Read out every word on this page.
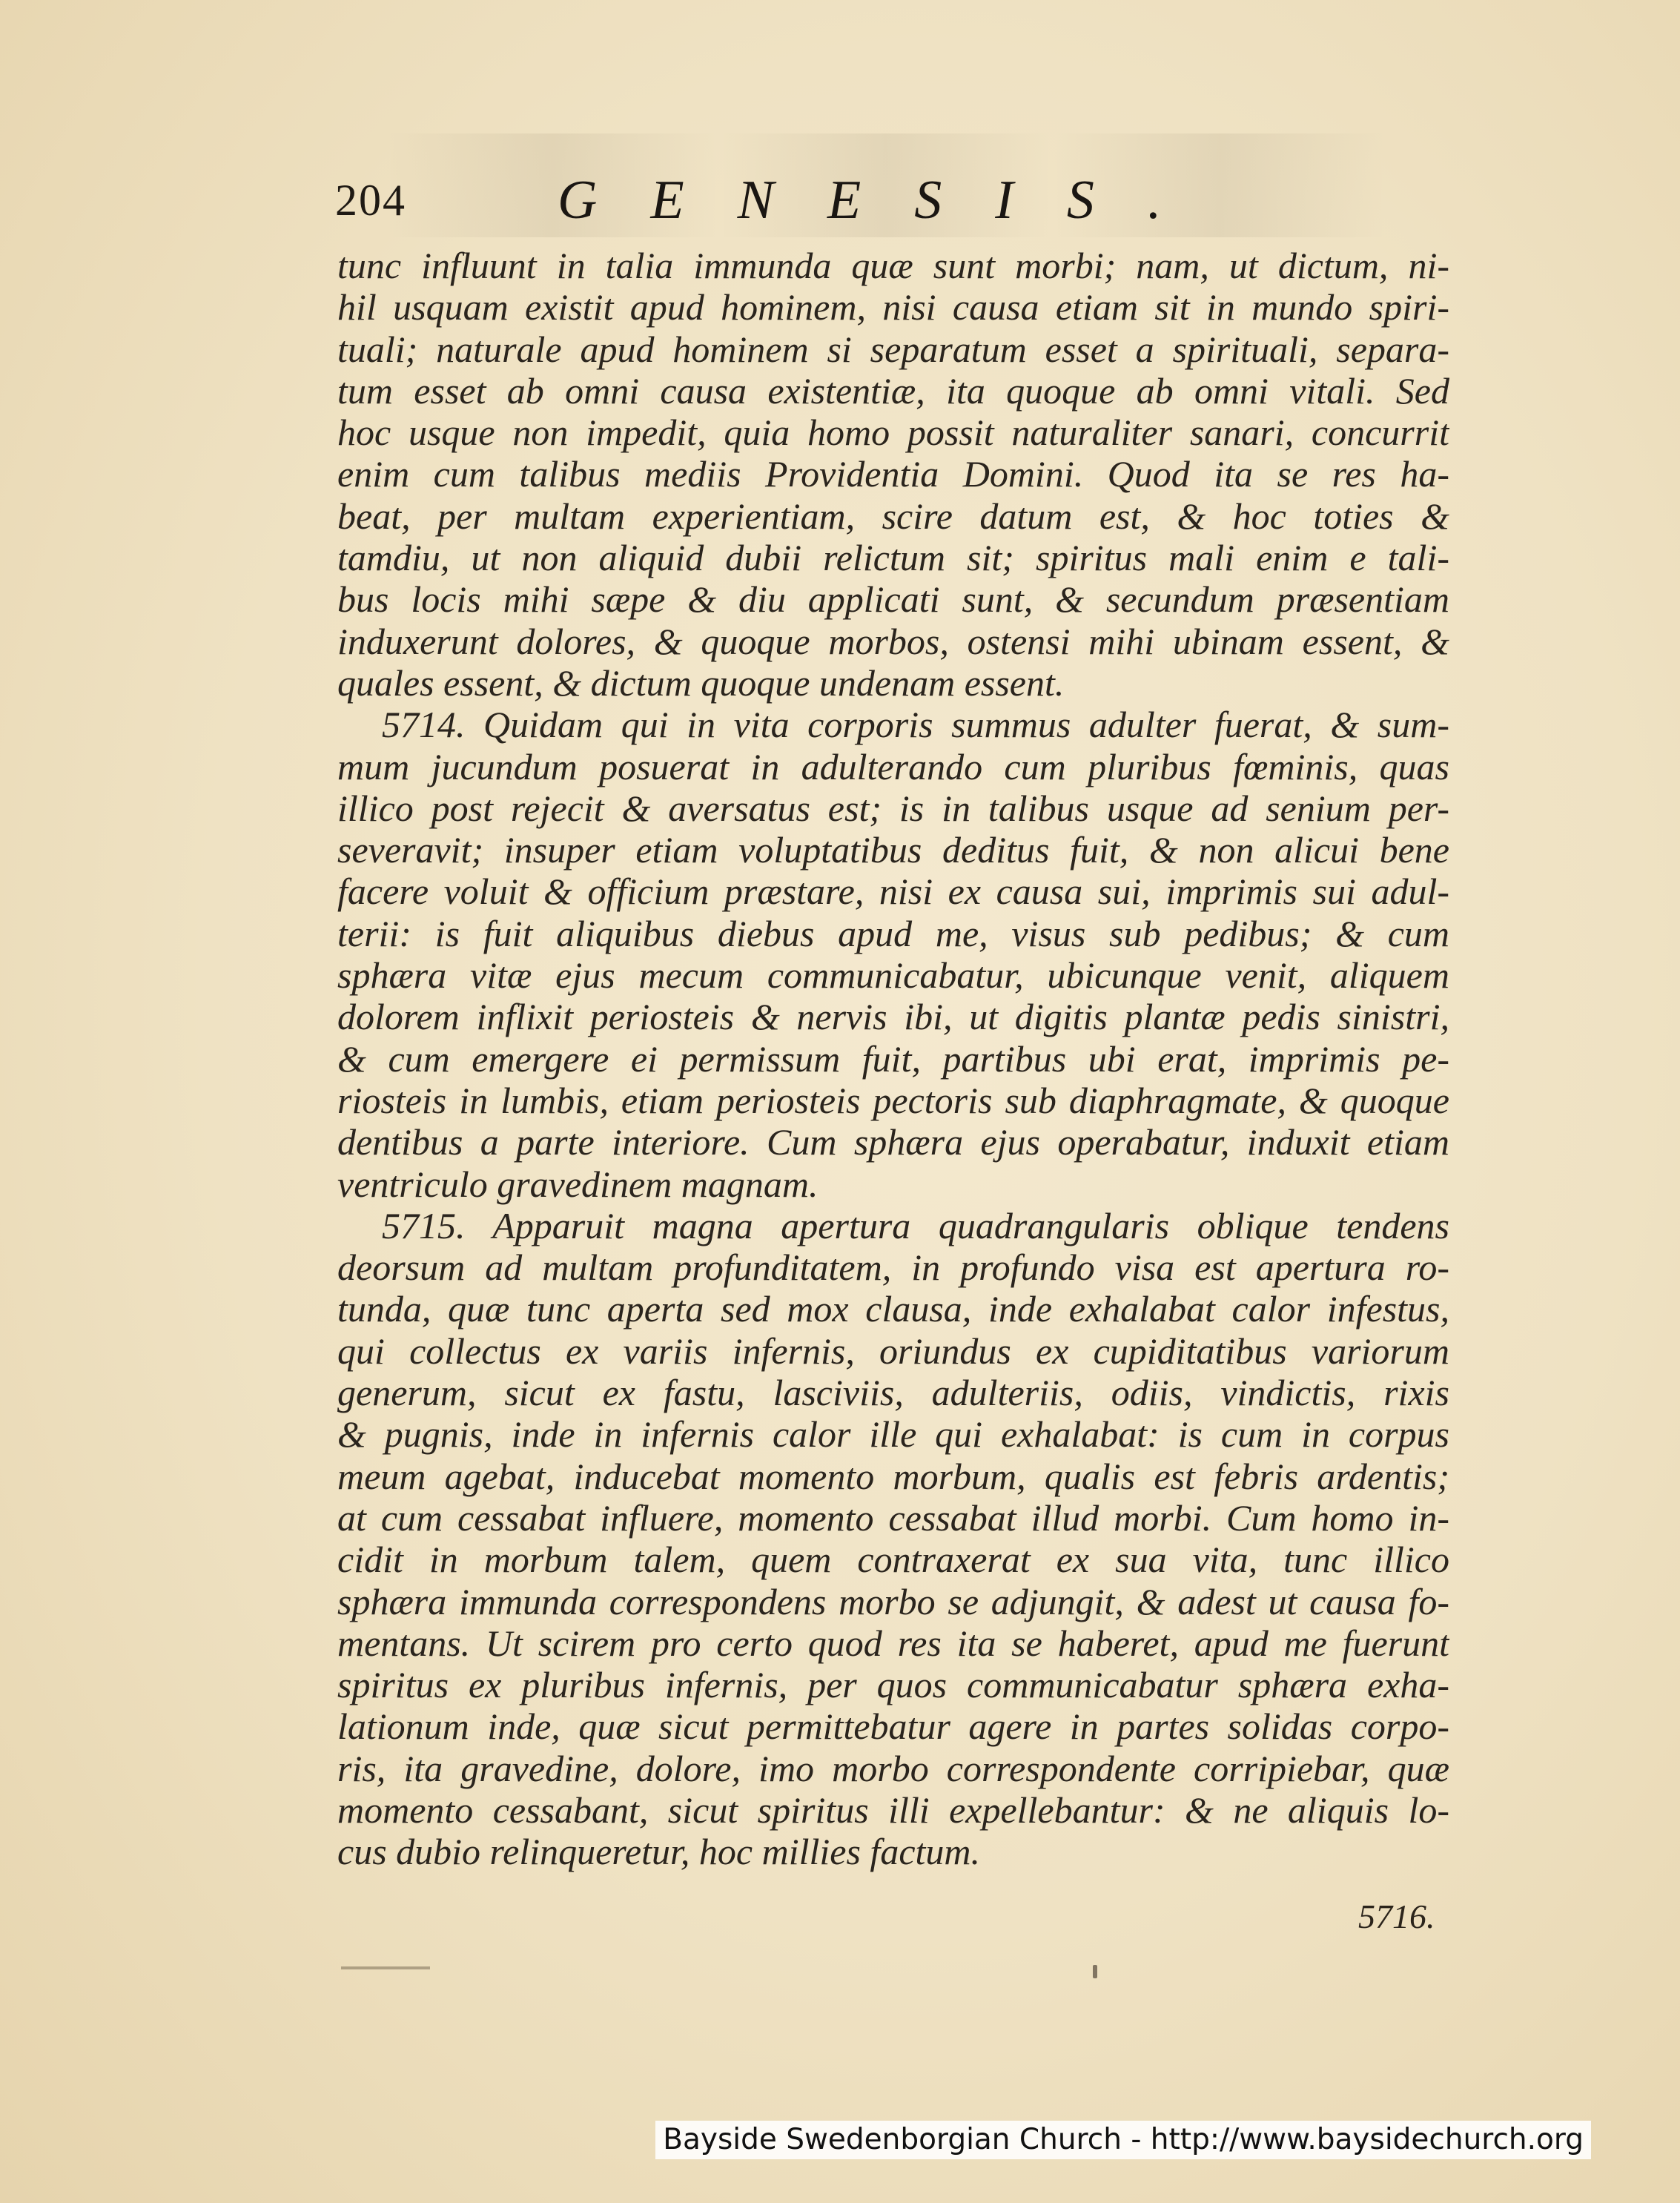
204	GENESIS.
tunc influunt in talia immunda quæ sunt morbi; nam, ut dictum, ni-
hil usquam existit apud hominem, nisi causa etiam sit in mundo spiri-
tuali; naturale apud hominem si separatum esset a spirituali, separa-
tum esset ab omni causa existentiæ, ita quoque ab omni vitali. Sed
hoc usque non impedit, quia homo possit naturaliter sanari, concurrit
enim cum talibus mediis Providentia Domini. Quod ita se res ha-
beat, per multam experientiam, scire datum est, & hoc toties &
tamdiu, ut non aliquid dubii relictum sit; spiritus mali enim e tali-
bus locis mihi sæpe & diu applicati sunt, & secundum præsentiam
induxerunt dolores, & quoque morbos, ostensi mihi ubinam essent, &
quales essent, & dictum quoque undenam essent.
5714. Quidam qui in vita corporis summus adulter fuerat, & sum-
mum jucundum posuerat in adulterando cum pluribus fœminis, quas
illico post rejecit & aversatus est; is in talibus usque ad senium per-
severavit; insuper etiam voluptatibus deditus fuit, & non alicui bene
facere voluit & officium præstare, nisi ex causa sui, imprimis sui adul-
terii: is fuit aliquibus diebus apud me, visus sub pedibus; & cum
sphæra vitæ ejus mecum communicabatur, ubicunque venit, aliquem
dolorem inflixit periosteis & nervis ibi, ut digitis plantæ pedis sinistri,
& cum emergere ei permissum fuit, partibus ubi erat, imprimis pe-
riosteis in lumbis, etiam periosteis pectoris sub diaphragmate, & quoque
dentibus a parte interiore. Cum sphæra ejus operabatur, induxit etiam
ventriculo gravedinem magnam.
5715. Apparuit magna apertura quadrangularis oblique tendens
deorsum ad multam profunditatem, in profundo visa est apertura ro-
tunda, quæ tunc aperta sed mox clausa, inde exhalabat calor infestus,
qui collectus ex variis infernis, oriundus ex cupiditatibus variorum
generum, sicut ex fastu, lasciviis, adulteriis, odiis, vindictis, rixis
& pugnis, inde in infernis calor ille qui exhalabat: is cum in corpus
meum agebat, inducebat momento morbum, qualis est febris ardentis;
at cum cessabat influere, momento cessabat illud morbi. Cum homo in-
cidit in morbum talem, quem contraxerat ex sua vita, tunc illico
sphæra immunda correspondens morbo se adjungit, & adest ut causa fo-
mentans. Ut scirem pro certo quod res ita se haberet, apud me fuerunt
spiritus ex pluribus infernis, per quos communicabatur sphæra exha-
lationum inde, quæ sicut permittebatur agere in partes solidas corpo-
ris, ita gravedine, dolore, imo morbo correspondente corripiebar, quæ
momento cessabant, sicut spiritus illi expellebantur: & ne aliquis lo-
cus dubio relinqueretur, hoc millies factum.
5716.
Bayside Swedenborgian Church - http://www.baysidechurch.org
